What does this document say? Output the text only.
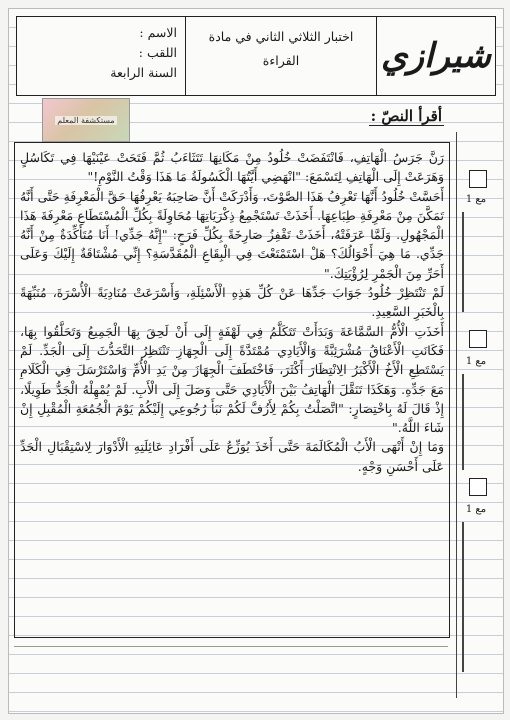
شيرازي
اختبار الثلاثي الثاني في مادة
القراءة
الاسم :
اللقب :
السنة الرابعة
مستكشفة المعلم	أقرأ النصّ :
مع 1
مع 1
مع 1

رَنَّ جَرَسُ الْهَاتِفِ، فَانْتَفَضَتْ خُلُودُ مِنْ مَكَانِهَا تَتَثَاءَبُ ثُمَّ فَتَحَتْ عَيْنَيْهَا فِي تَكَاسُلٍ وَهَرَعَتْ إِلَى الْهَاتِفِ لِتَسْمَعَ: "انْهَضِي أَيَّتُهَا الْكَسُولَةُ مَا هَذَا وَقْتُ النَّوْمِ!"

أَحَسَّتْ خُلُودُ أَنَّهَا تَعْرِفُ هَذَا الصَّوْتَ، وَأَدْرَكَتْ أَنَّ صَاحِبَهُ يَعْرِفُهَا حَقَّ الْمَعْرِفَةِ حَتَّى أَنَّهُ تَمَكَّنَ مِنْ مَعْرِفَةِ طِبَاعِهَا. أَخَذَتْ تَسْتَجْمِعُ ذِكْرَيَاتِهَا مُحَاوِلَةً بِكُلِّ الْمُسْتَطَاعِ مَعْرِفَةَ هَذَا الْمَجْهُولِ. وَلَمَّا عَرَفَتْهُ، أَخَذَتْ تَقْفِزُ صَارِخَةً بِكُلِّ فَرَحٍ: "إِنَّهُ جَدِّي! أَنَا مُتَأَكِّدَةٌ مِنْ أَنَّهُ جَدِّي. مَا هِيَ أَحْوَالُكَ؟ هَلْ اسْتَمْتَعْتَ فِي الْبِقَاعِ الْمُقَدَّسَةِ؟ إِنِّي مُشْتَاقَةٌ إِلَيْكَ وَعَلَى أَحَرِّ مِنَ الْجَمْرِ لِرُؤْيَتِكَ."

لَمْ تَنْتَظِرْ خُلُودُ جَوَابَ جَدِّهَا عَنْ كُلِّ هَذِهِ الْأَسْئِلَةِ، وَأَسْرَعَتْ مُنَادِيَةً الْأُسْرَةَ، مُنَبِّهَةً بِالْخَبَرِ السَّعِيدِ.

أَخَذَتِ الْأُمُّ السَّمَّاعَةَ وَبَدَأَتْ تَتَكَلَّمُ فِي لَهْفَةٍ إِلَى أَنْ لَحِقَ بِهَا الْجَمِيعُ وَتَحَلَّقُوا بِهَا، فَكَانَتِ الْأَعْنَاقُ مُشْرَئِبَّةً وَالْأَيَادِي مُمْتَدَّةً إِلَى الْجِهَازِ تَنْتَظِرُ التَّحَدُّثَ إِلَى الْجَدِّ. لَمْ يَسْتَطِعِ الْأَخُ الْأَكْبَرُ الِانْتِظَارَ أَكْثَرَ، فَاخْتَطَفَ الْجِهَازَ مِنْ يَدِ الْأُمِّ وَاسْتَرْسَلَ فِي الْكَلَامِ مَعَ جَدِّهِ. وَهَكَذَا تَنَقَّلَ الْهَاتِفُ بَيْنَ الْأَيَادِي حَتَّى وَصَلَ إِلَى الْأَبِ. لَمْ يُمْهِلْهُ الْجَدُّ طَوِيلًا، إِذْ قَالَ لَهُ بِاخْتِصَارٍ: "اتَّصَلْتُ بِكُمْ لِأَزُفَّ لَكُمْ نَبَأَ رُجُوعِي إِلَيْكُمْ يَوْمَ الْجُمُعَةِ الْمُقْبِلِ إِنْ شَاءَ اللَّهُ."

وَمَا إِنْ أَنْهَى الْأَبُ الْمُكَالَمَةَ حَتَّى أَخَذَ يُوَزِّعُ عَلَى أَفْرَادِ عَائِلَتِهِ الْأَدْوَارَ لِاسْتِقْبَالِ الْجَدِّ عَلَى أَحْسَنِ وَجْهٍ.
